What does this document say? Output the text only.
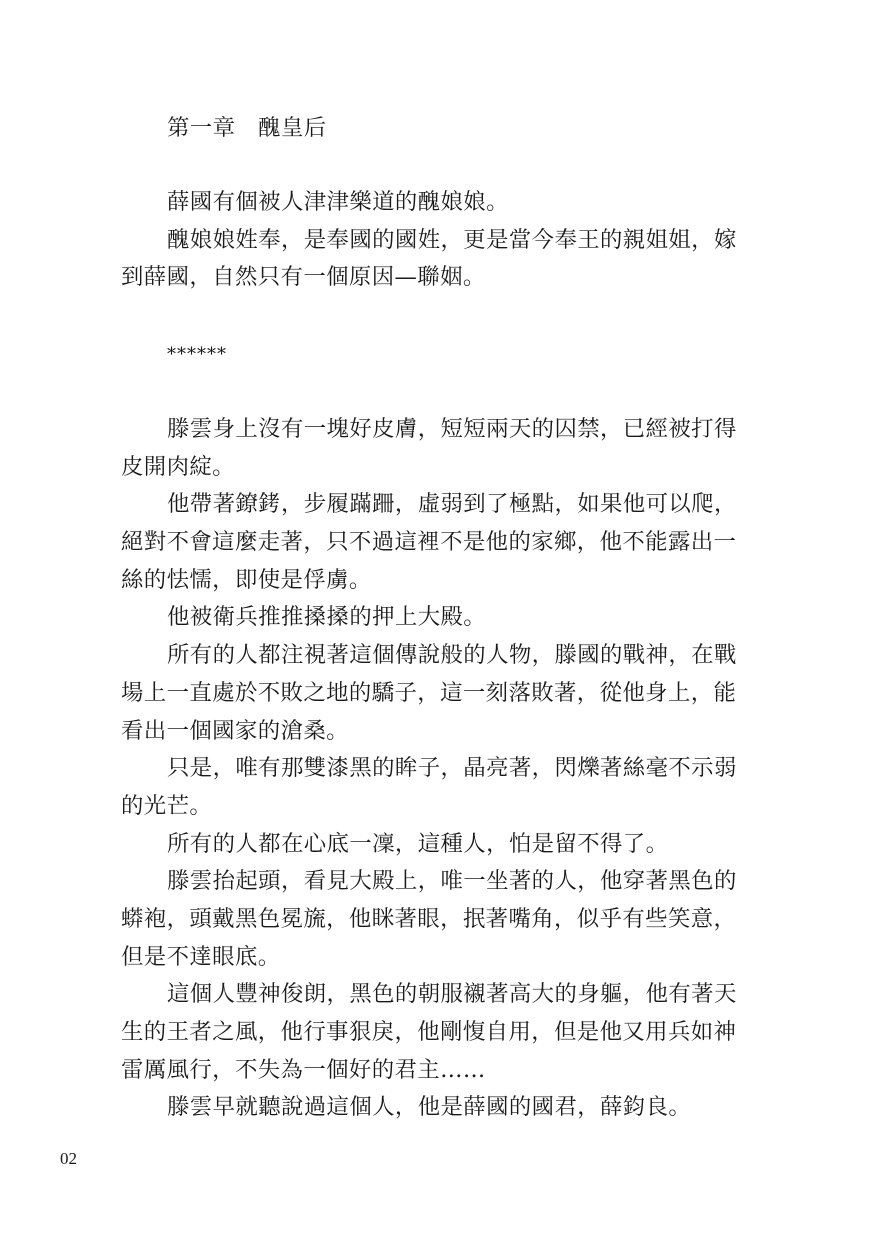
第一章　醜皇后
薛國有個被人津津樂道的醜娘娘。
醜娘娘姓奉，是奉國的國姓，更是當今奉王的親姐姐，嫁
到薛國，自然只有一個原因—聯姻。
******
滕雲身上沒有一塊好皮膚，短短兩天的囚禁，已經被打得
皮開肉綻。
他帶著鐐銬，步履蹣跚，虛弱到了極點，如果他可以爬，
絕對不會這麼走著，只不過這裡不是他的家鄉，他不能露出一
絲的怯懦，即使是俘虜。
他被衛兵推推搡搡的押上大殿。
所有的人都注視著這個傳說般的人物，滕國的戰神，在戰
場上一直處於不敗之地的驕子，這一刻落敗著，從他身上，能
看出一個國家的滄桑。
只是，唯有那雙漆黑的眸子，晶亮著，閃爍著絲毫不示弱
的光芒。
所有的人都在心底一凜，這種人，怕是留不得了。
滕雲抬起頭，看見大殿上，唯一坐著的人，他穿著黑色的
蟒袍，頭戴黑色冕旒，他眯著眼，抿著嘴角，似乎有些笑意，
但是不達眼底。
這個人豐神俊朗，黑色的朝服襯著高大的身軀，他有著天
生的王者之風，他行事狠戾，他剛愎自用，但是他又用兵如神
雷厲風行，不失為一個好的君主……
滕雲早就聽說過這個人，他是薛國的國君，薛鈞良。
02
